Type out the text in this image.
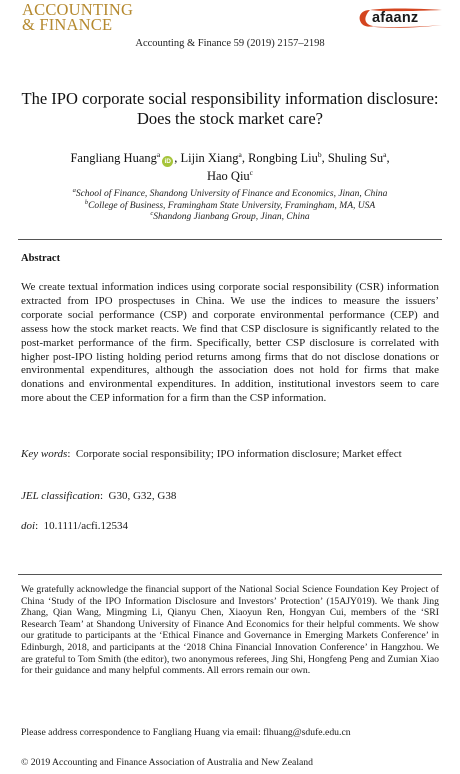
ACCOUNTING
& FINANCE	afaanz
Accounting & Finance 59 (2019) 2157–2198
The IPO corporate social responsibility information disclosure: Does the stock market care?
Fangliang Huang$^a$iD , Lijin Xiang$^a$, Rongbing Liu$^b$, Shuling Su$^a$,
Hao Qiu$^c$
$^a$School of Finance, Shandong University of Finance and Economics, Jinan, China
$^b$College of Business, Framingham State University, Framingham, MA, USA
$^c$Shandong Jianbang Group, Jinan, China
Abstract
We create textual information indices using corporate social responsibility (CSR) information extracted from IPO prospectuses in China. We use the indices to measure the issuers’ corporate social performance (CSP) and corporate environmental performance (CEP) and assess how the stock market reacts. We find that CSP disclosure is significantly related to the post-market performance of the firm. Specifically, better CSP disclosure is correlated with higher post-IPO listing holding period returns among firms that do not disclose donations or environmental expenditures, although the association does not hold for firms that make donations and environmental expenditures. In addition, institutional investors seem to care more about the CEP information for a firm than the CSP information.
Key words:  Corporate social responsibility; IPO information disclosure; Market effect
JEL classification:  G30, G32, G38
doi:  10.1111/acfi.12534
We gratefully acknowledge the financial support of the National Social Science Foundation Key Project of China ‘Study of the IPO Information Disclosure and Investors’ Protection’ (15AJY019). We thank Jing Zhang, Qian Wang, Mingming Li, Qianyu Chen, Xiaoyun Ren, Hongyan Cui, members of the ‘SRI Research Team’ at Shandong University of Finance And Economics for their helpful comments. We show our gratitude to participants at the ‘Ethical Finance and Governance in Emerging Markets Conference’ in Edinburgh, 2018, and participants at the ‘2018 China Financial Innovation Conference’ in Hangzhou. We are grateful to Tom Smith (the editor), two anonymous referees, Jing Shi, Hongfeng Peng and Zumian Xiao for their guidance and many helpful comments. All errors remain our own.
Please address correspondence to Fangliang Huang via email: flhuang@sdufe.edu.cn
© 2019 Accounting and Finance Association of Australia and New Zealand
